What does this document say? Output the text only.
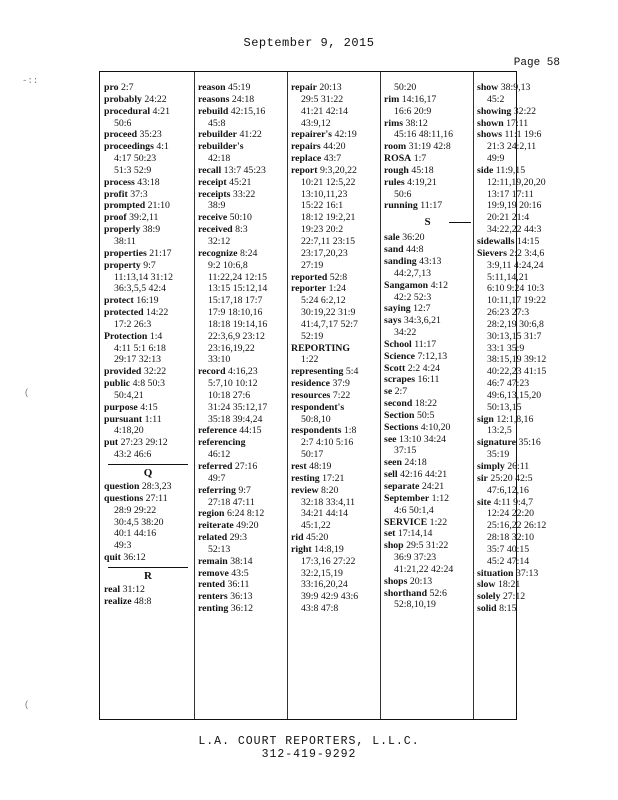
September 9, 2015
Page 58
-::
(
(
pro 2:7
probably 24:22
procedural 4:21
50:6
proceed 35:23
proceedings 4:1
4:17 50:23
51:3 52:9
process 43:18
profit 37:3
prompted 21:10
proof 39:2,11
properly 38:9
38:11
properties 21:17
property 9:7
11:13,14 31:12
36:3,5,5 42:4
protect 16:19
protected 14:22
17:2 26:3
Protection 1:4
4:11 5:1 6:18
29:17 32:13
provided 32:22
public 4:8 50:3
50:4,21
purpose 4:15
pursuant 1:11
4:18,20
put 27:23 29:12
43:2 46:6
Q
question 28:3,23
questions 27:11
28:9 29:22
30:4,5 38:20
40:1 44:16
49:3
quit 36:12
R
real 31:12
realize 48:8
reason 45:19
reasons 24:18
rebuild 42:15,16
45:8
rebuilder 41:22
rebuilder's
42:18
recall 13:7 45:23
receipt 45:21
receipts 33:22
38:9
receive 50:10
received 8:3
32:12
recognize 8:24
9:2 10:6,8
11:22,24 12:15
13:15 15:12,14
15:17,18 17:7
17:9 18:10,16
18:18 19:14,16
22:3,6,9 23:12
23:16,19,22
33:10
record 4:16,23
5:7,10 10:12
10:18 27:6
31:24 35:12,17
35:18 39:4,24
reference 44:15
referencing
46:12
referred 27:16
49:7
referring 9:7
27:18 47:11
region 6:24 8:12
reiterate 49:20
related 29:3
52:13
remain 38:14
remove 43:5
rented 36:11
renters 36:13
renting 36:12
repair 20:13
29:5 31:22
41:21 42:14
43:9,12
repairer's 42:19
repairs 44:20
replace 43:7
report 9:3,20,22
10:21 12:5,22
13:10,11,23
15:22 16:1
18:12 19:2,21
19:23 20:2
22:7,11 23:15
23:17,20,23
27:19
reported 52:8
reporter 1:24
5:24 6:2,12
30:19,22 31:9
41:4,7,17 52:7
52:19
REPORTING
1:22
representing 5:4
residence 37:9
resources 7:22
respondent's
50:8,10
respondents 1:8
2:7 4:10 5:16
50:17
rest 48:19
resting 17:21
review 8:20
32:18 33:4,11
34:21 44:14
45:1,22
rid 45:20
right 14:8,19
17:3,16 27:22
32:2,15,19
33:16,20,24
39:9 42:9 43:6
43:8 47:8
50:20
rim 14:16,17
16:6 20:9
rims 38:12
45:16 48:11,16
room 31:19 42:8
ROSA 1:7
rough 45:18
rules 4:19,21
50:6
running 11:17
S
sale 36:20
sand 44:8
sanding 43:13
44:2,7,13
Sangamon 4:12
42:2 52:3
saying 12:7
says 34:3,6,21
34:22
School 11:17
Science 7:12,13
Scott 2:2 4:24
scrapes 16:11
se 2:7
second 18:22
Section 50:5
Sections 4:10,20
see 13:10 34:24
37:15
seen 24:18
sell 42:16 44:21
separate 24:21
September 1:12
4:6 50:1,4
SERVICE 1:22
set 17:14,14
shop 29:5 31:22
36:9 37:23
41:21,22 42:24
shops 20:13
shorthand 52:6
52:8,10,19
show 38:9,13
45:2
showing 32:22
shown 17:11
shows 11:1 19:6
21:3 24:2,11
49:9
side 11:9,15
12:11,19,20,20
13:17 17:11
19:9,19 20:16
20:21 21:4
34:22,22 44:3
sidewalls 14:15
Sievers 2:2 3:4,6
3:9,11 4:24,24
5:11,14,21
6:10 9:24 10:3
10:11,17 19:22
26:23 27:3
28:2,19 30:6,8
30:13,15 31:7
33:1 35:9
38:15,19 39:12
40:22,23 41:15
46:7 47:23
49:6,13,15,20
50:13,15
sign 12:1,8,16
13:2,5
signature 35:16
35:19
simply 26:11
sir 25:20 42:5
47:6,12,16
site 4:11 9:4,7
12:24 22:20
25:16,22 26:12
28:18 32:10
35:7 40:15
45:2 47:14
situation 37:13
slow 18:21
solely 27:12
solid 8:15
L.A. COURT REPORTERS, L.L.C.
312-419-9292
